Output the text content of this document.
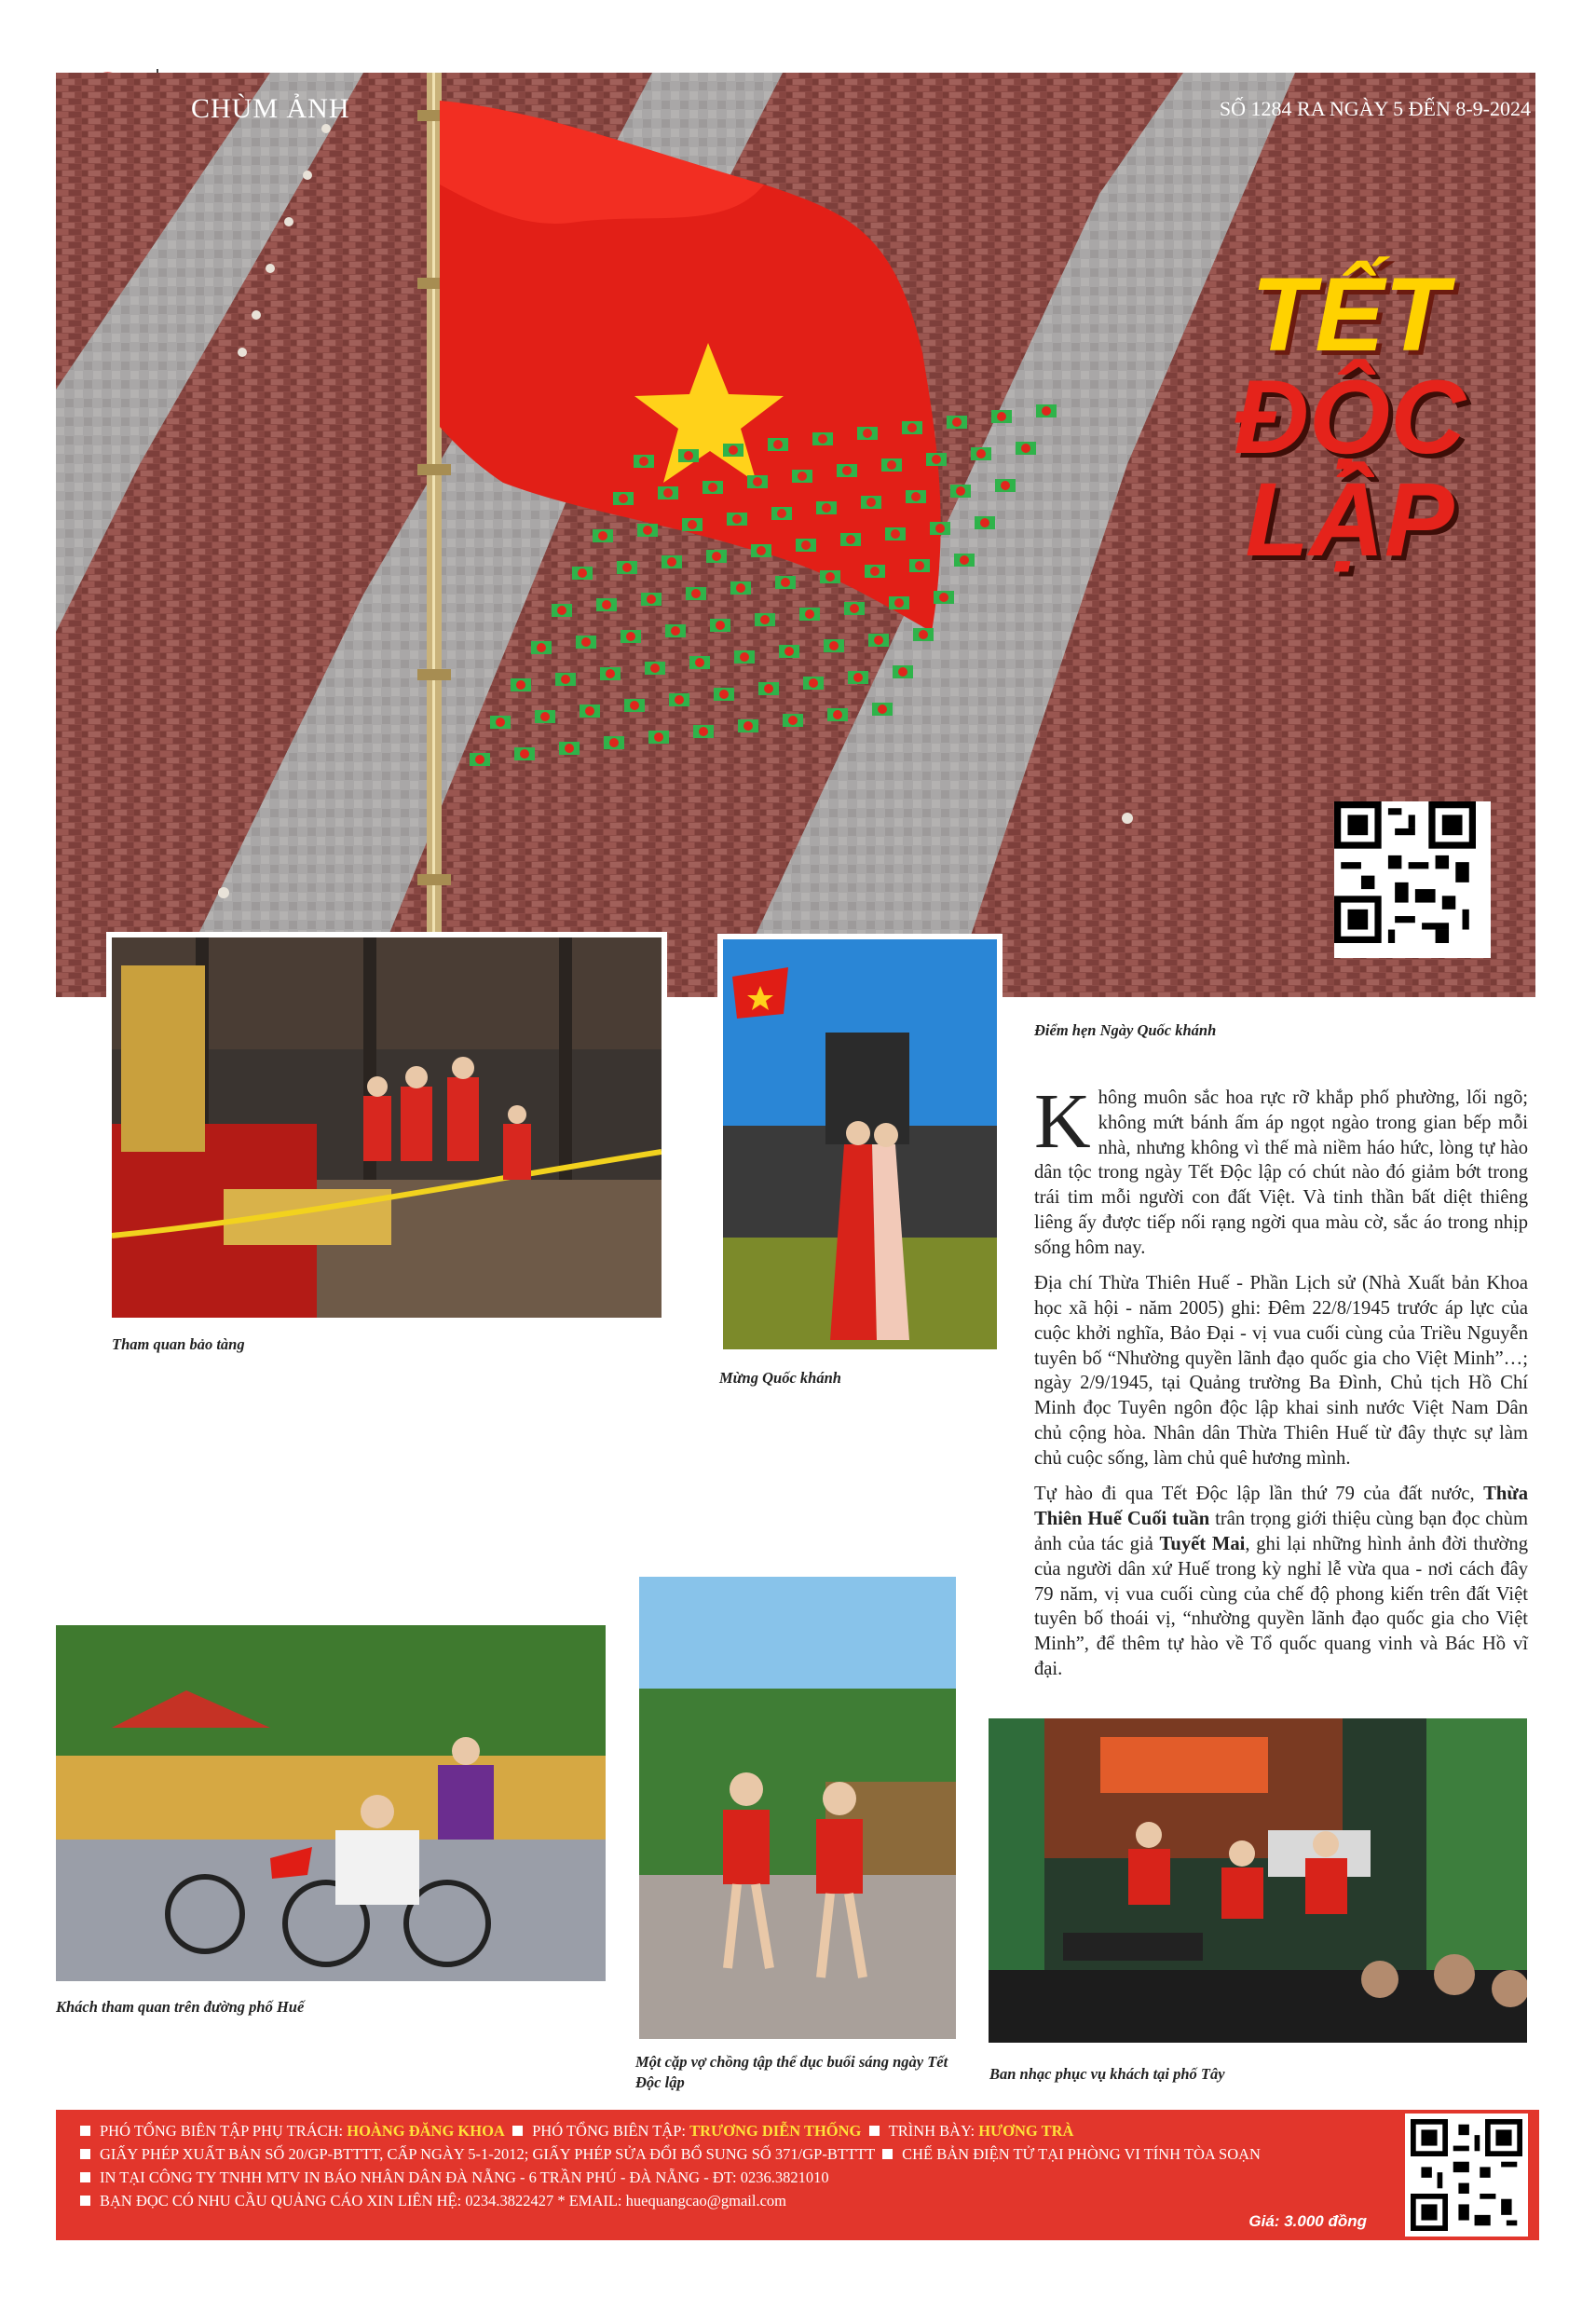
CHÙM ẢNH	SỐ 1284 RA NGÀY 5 ĐẾN 8-9-2024
TẾT
ĐỘC
LẬP
Tham quan bảo tàng
Điểm hẹn Ngày Quốc khánh
Mừng Quốc khánh

Không muôn sắc hoa rực rỡ khắp phố phường, lối ngõ; không mứt bánh ấm áp ngọt ngào trong gian bếp mỗi nhà, nhưng không vì thế mà niềm háo hức, lòng tự hào dân tộc trong ngày Tết Độc lập có chút nào đó giảm bớt trong trái tim mỗi người con đất Việt. Và tinh thần bất diệt thiêng liêng ấy được tiếp nối rạng ngời qua màu cờ, sắc áo trong nhịp sống hôm nay.

Địa chí Thừa Thiên Huế - Phần Lịch sử (Nhà Xuất bản Khoa học xã hội - năm 2005) ghi: Đêm 22/8/1945 trước áp lực của cuộc khởi nghĩa, Bảo Đại - vị vua cuối cùng của Triều Nguyễn tuyên bố “Nhường quyền lãnh đạo quốc gia cho Việt Minh”…; ngày 2/9/1945, tại Quảng trường Ba Đình, Chủ tịch Hồ Chí Minh đọc Tuyên ngôn độc lập khai sinh nước Việt Nam Dân chủ cộng hòa. Nhân dân Thừa Thiên Huế từ đây thực sự làm chủ cuộc sống, làm chủ quê hương mình.

Tự hào đi qua Tết Độc lập lần thứ 79 của đất nước, Thừa Thiên Huế Cuối tuần trân trọng giới thiệu cùng bạn đọc chùm ảnh của tác giả Tuyết Mai, ghi lại những hình ảnh đời thường của người dân xứ Huế trong kỳ nghỉ lễ vừa qua - nơi cách đây 79 năm, vị vua cuối cùng của chế độ phong kiến trên đất Việt tuyên bố thoái vị, “nhường quyền lãnh đạo quốc gia cho Việt Minh”, để thêm tự hào về Tổ quốc quang vinh và Bác Hồ vĩ đại.

Khách tham quan trên đường phố Huế
Một cặp vợ chồng tập thể dục buổi sáng ngày Tết Độc lập	Ban nhạc phục vụ khách tại phố Tây
PHÓ TỔNG BIÊN TẬP PHỤ TRÁCH: HOÀNG ĐĂNG KHOA PHÓ TỔNG BIÊN TẬP: TRƯƠNG DIỄN THỐNG TRÌNH BÀY: HƯƠNG TRÀ
GIẤY PHÉP XUẤT BẢN SỐ 20/GP-BTTTT, CẤP NGÀY 5-1-2012; GIẤY PHÉP SỬA ĐỔI BỔ SUNG SỐ 371/GP-BTTTT CHẾ BẢN ĐIỆN TỬ TẠI PHÒNG VI TÍNH TÒA SOẠN
IN TẠI CÔNG TY TNHH MTV IN BÁO NHÂN DÂN ĐÀ NẴNG - 6 TRẦN PHÚ - ĐÀ NẴNG - ĐT: 0236.3821010
BẠN ĐỌC CÓ NHU CẦU QUẢNG CÁO XIN LIÊN HỆ: 0234.3822427 * EMAIL: huequangcao@gmail.com
Giá: 3.000 đồng
